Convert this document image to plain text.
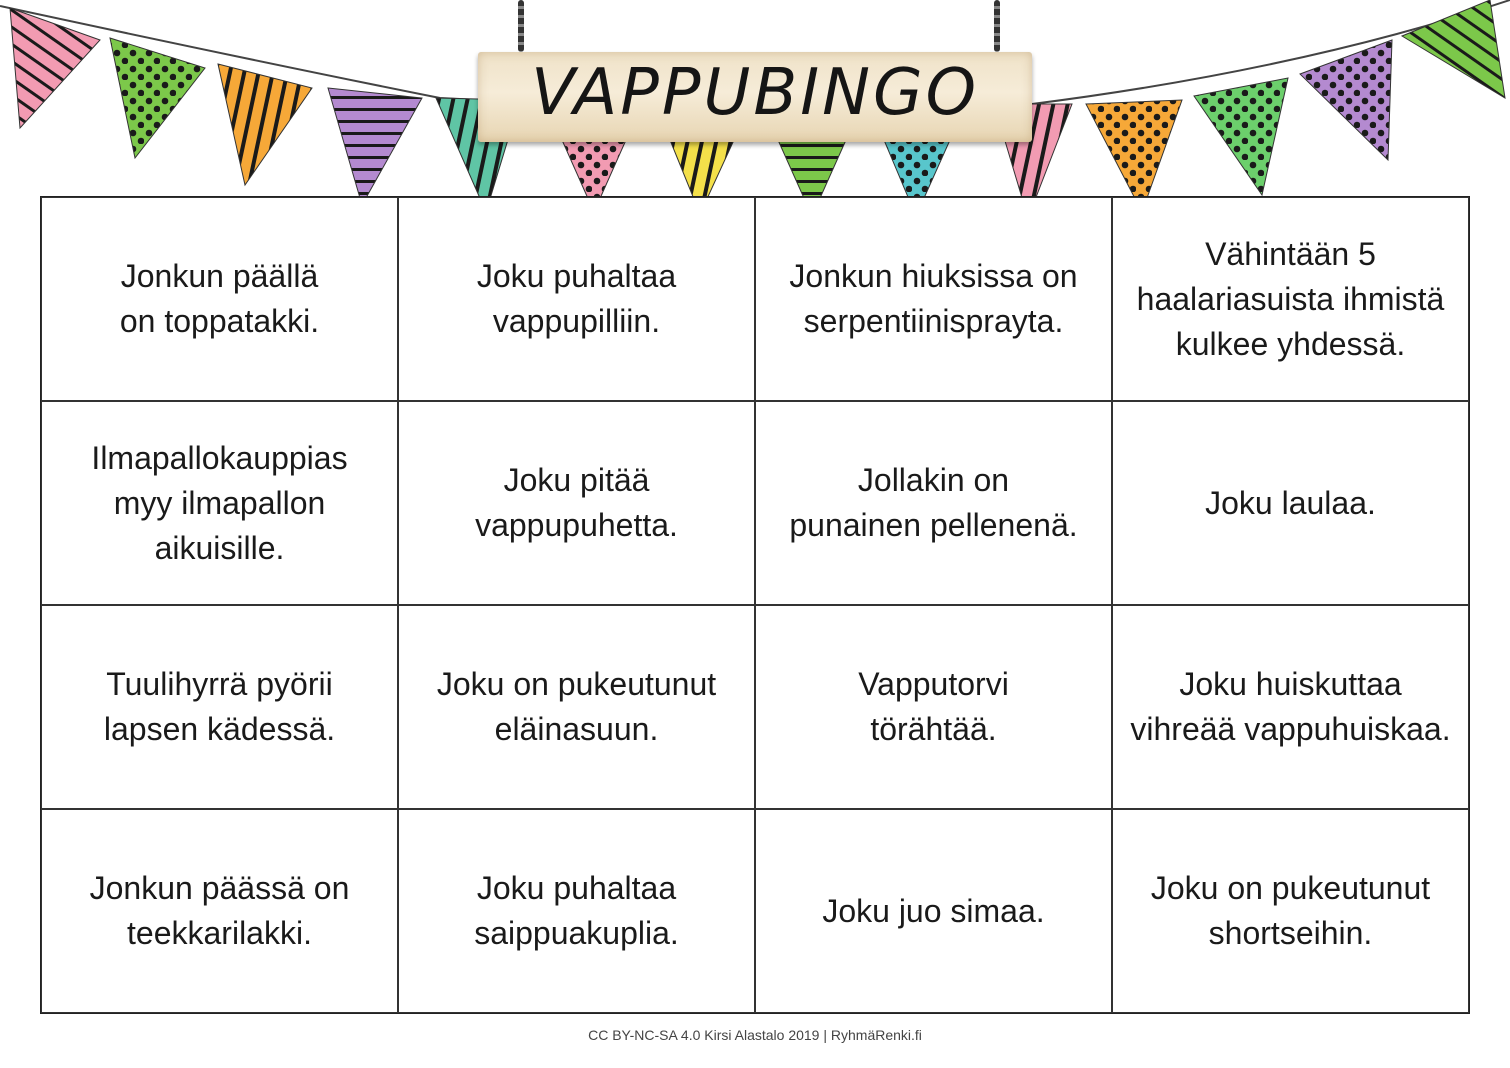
VAPPUBINGO
Jonkun päällä
on toppatakki.
Joku puhaltaa
vappupilliin.
Jonkun hiuksissa on
serpentiinisprayta.
Vähintään 5
haalariasuista ihmistä
kulkee yhdessä.
Ilmapallokauppias
myy ilmapallon
aikuisille.
Joku pitää
vappupuhetta.
Jollakin on
punainen pellenenä.
Joku laulaa.
Tuulihyrrä pyörii
lapsen kädessä.
Joku on pukeutunut
eläinasuun.
Vapputorvi
törähtää.
Joku huiskuttaa
vihreää vappuhuiskaa.
Jonkun päässä on
teekkarilakki.
Joku puhaltaa
saippuakuplia.
Joku juo simaa.
Joku on pukeutunut
shortseihin.
CC BY-NC-SA 4.0 Kirsi Alastalo 2019 | RyhmäRenki.fi
